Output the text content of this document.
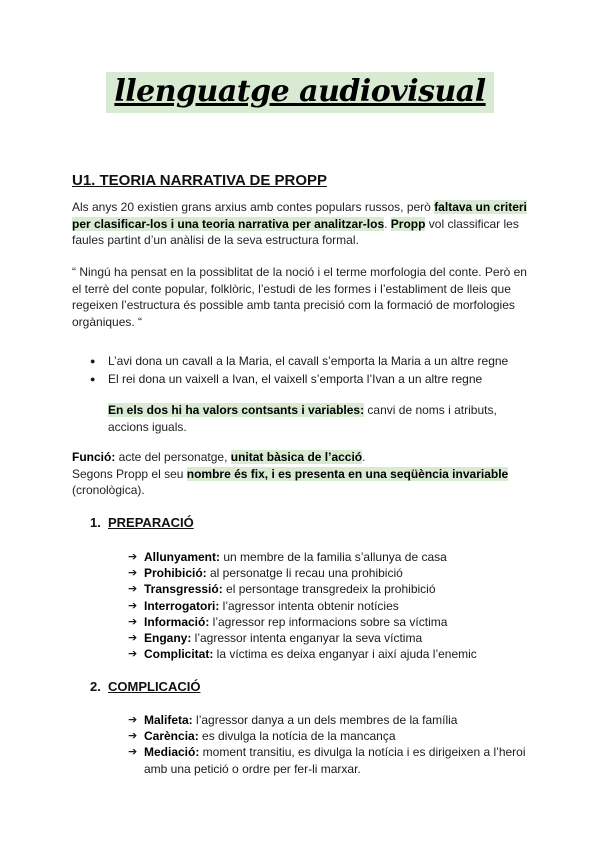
llenguatge audiovisual
U1. TEORIA NARRATIVA DE PROPP

Als anys 20 existien grans arxius amb contes populars russos, però faltava un criteri per clasificar-los i una teoria narrativa per analitzar-los. Propp vol classificar les faules partint d’un anàlisi de la seva estructura formal.

“ Ningú ha pensat en la possiblitat de la noció i el terme morfologia del conte. Però en el terrè del conte popular, folklòric, l’estudi de les formes i l’establiment de lleis que regeixen l’estructura és possible amb tanta precisió com la formació de morfologies orgàniques. “

● L’avi dona un cavall a la Maria, el cavall s’emporta la Maria a un altre regne
● El rei dona un vaixell a Ivan, el vaixell s’emporta l’Ivan a un altre regne

En els dos hi ha valors contsants i variables: canvi de noms i atributs, accions iguals.

Funció: acte del personatge, unitat bàsica de l’acció.
Segons Propp el seu nombre és fix, i es presenta en una seqüència invariable (cronològica).

1. PREPARACIÓ
➔ Allunyament: un membre de la familia s’allunya de casa
➔ Prohibició: al personatge li recau una prohibició
➔ Transgressió: el persontage transgredeix la prohibició
➔ Interrogatori: l’agressor intenta obtenir notícies
➔ Informació: l’agressor rep informacions sobre sa víctima
➔ Engany: l’agressor intenta enganyar la seva víctima
➔ Complicitat: la víctima es deixa enganyar i així ajuda l’enemic
2. COMPLICACIÓ
➔ Malifeta: l’agressor danya a un dels membres de la família
➔ Carència: es divulga la notícia de la mancança
➔ Mediació: moment transitiu, es divulga la notícia i es dirigeixen a l’heroi amb una petició o ordre per fer-li marxar.
